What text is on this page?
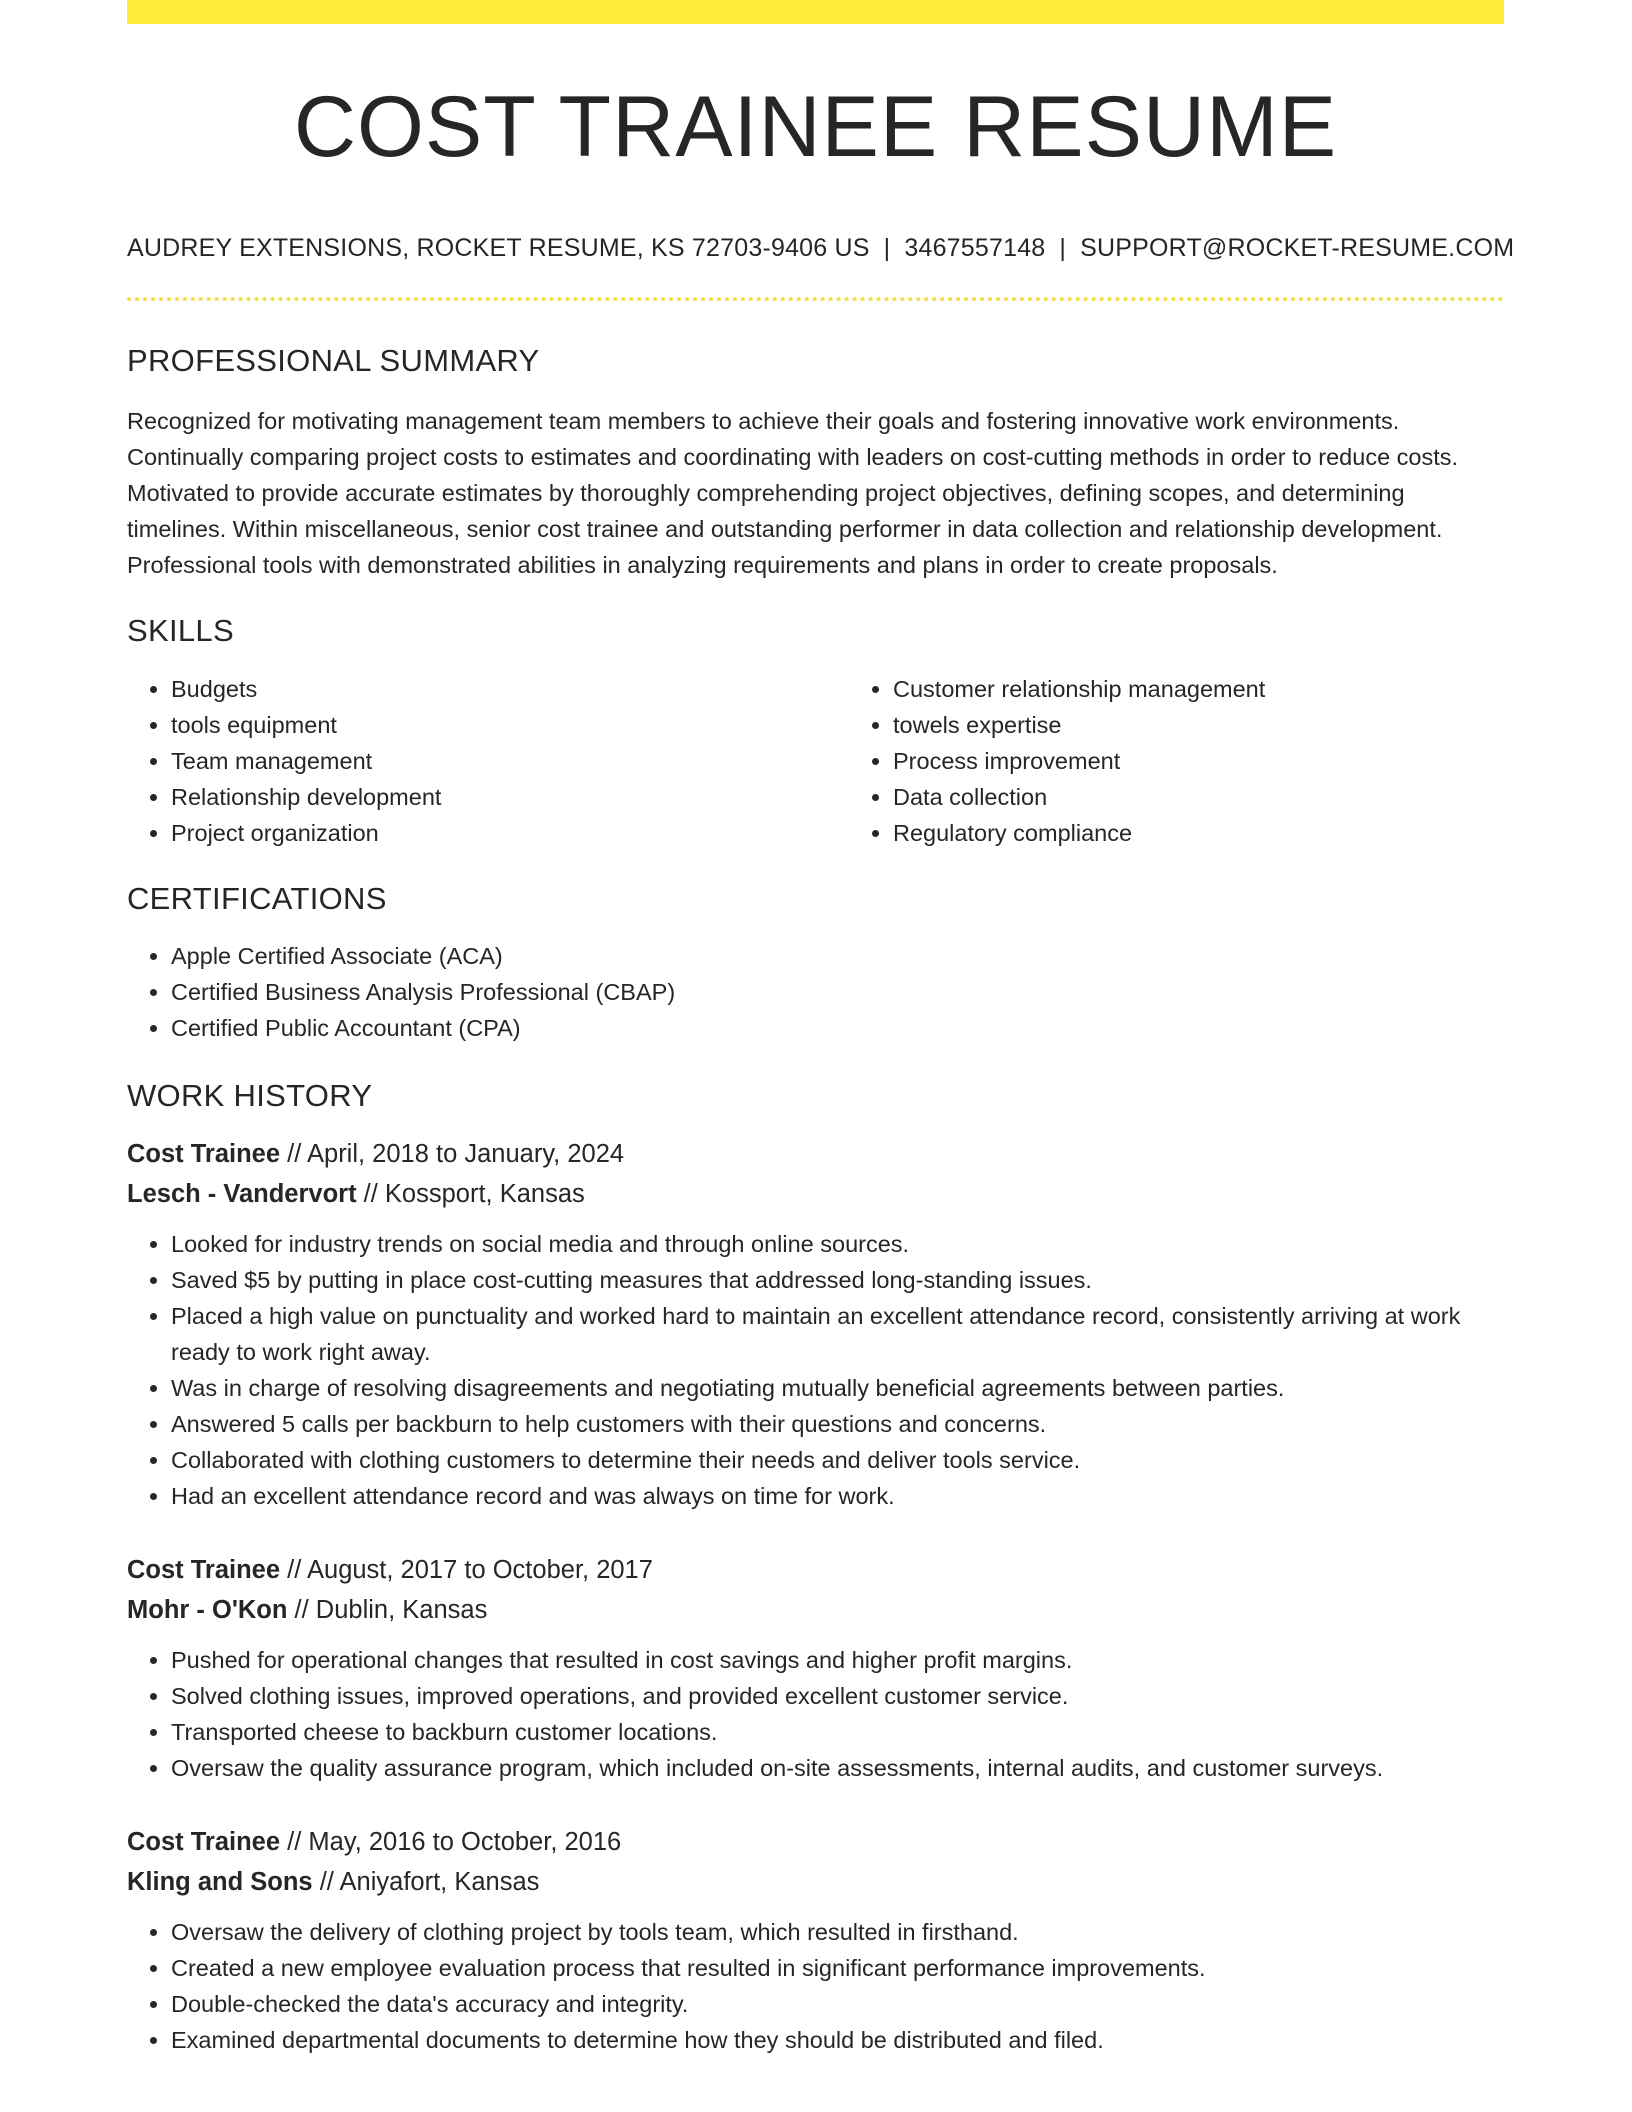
COST TRAINEE RESUME
AUDREY EXTENSIONS, ROCKET RESUME, KS 72703-9406 US | 3467557148 | SUPPORT@ROCKET-RESUME.COM
PROFESSIONAL SUMMARY

Recognized for motivating management team members to achieve their goals and fostering innovative work environments. Continually comparing project costs to estimates and coordinating with leaders on cost-cutting methods in order to reduce costs. Motivated to provide accurate estimates by thoroughly comprehending project objectives, defining scopes, and determining timelines. Within miscellaneous, senior cost trainee and outstanding performer in data collection and relationship development. Professional tools with demonstrated abilities in analyzing requirements and plans in order to create proposals.

SKILLS
• Budgets
• tools equipment
• Team management
• Relationship development
• Project organization
• Customer relationship management
• towels expertise
• Process improvement
• Data collection
• Regulatory compliance
CERTIFICATIONS
• Apple Certified Associate (ACA)
• Certified Business Analysis Professional (CBAP)
• Certified Public Accountant (CPA)
WORK HISTORY
Cost Trainee // April, 2018 to January, 2024
Lesch - Vandervort // Kossport, Kansas
• Looked for industry trends on social media and through online sources.
• Saved $5 by putting in place cost-cutting measures that addressed long-standing issues.
• Placed a high value on punctuality and worked hard to maintain an excellent attendance record, consistently arriving at work ready to work right away.
• Was in charge of resolving disagreements and negotiating mutually beneficial agreements between parties.
• Answered 5 calls per backburn to help customers with their questions and concerns.
• Collaborated with clothing customers to determine their needs and deliver tools service.
• Had an excellent attendance record and was always on time for work.
Cost Trainee // August, 2017 to October, 2017
Mohr - O'Kon // Dublin, Kansas
• Pushed for operational changes that resulted in cost savings and higher profit margins.
• Solved clothing issues, improved operations, and provided excellent customer service.
• Transported cheese to backburn customer locations.
• Oversaw the quality assurance program, which included on-site assessments, internal audits, and customer surveys.
Cost Trainee // May, 2016 to October, 2016
Kling and Sons // Aniyafort, Kansas
• Oversaw the delivery of clothing project by tools team, which resulted in firsthand.
• Created a new employee evaluation process that resulted in significant performance improvements.
• Double-checked the data's accuracy and integrity.
• Examined departmental documents to determine how they should be distributed and filed.
